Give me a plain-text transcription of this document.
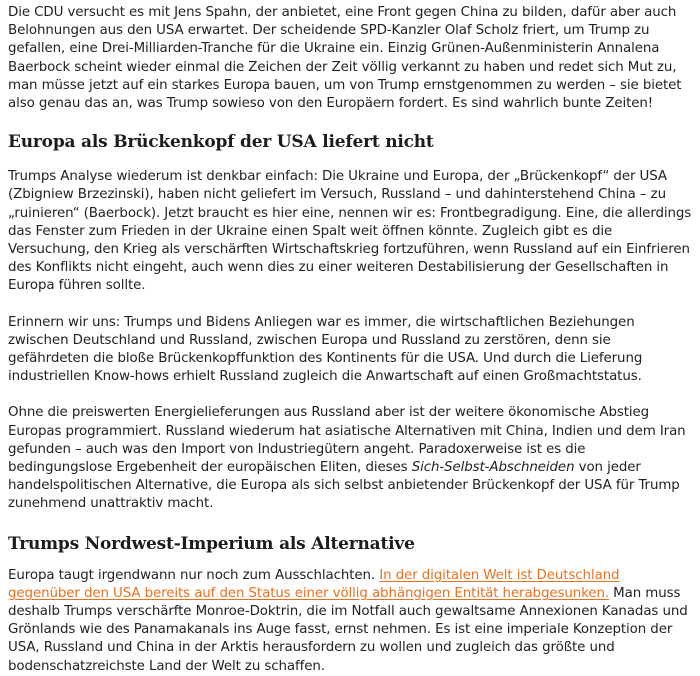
Die CDU versucht es mit Jens Spahn, der anbietet, eine Front gegen China zu bilden, dafür aber auch Belohnungen aus den USA erwartet. Der scheidende SPD-Kanzler Olaf Scholz friert, um Trump zu gefallen, eine Drei-Milliarden-Tranche für die Ukraine ein. Einzig Grünen-Außenministerin Annalena Baerbock scheint wieder einmal die Zeichen der Zeit völlig verkannt zu haben und redet sich Mut zu, man müsse jetzt auf ein starkes Europa bauen, um von Trump ernstgenommen zu werden – sie bietet also genau das an, was Trump sowieso von den Europäern fordert. Es sind wahrlich bunte Zeiten!

Europa als Brückenkopf der USA liefert nicht

Trumps Analyse wiederum ist denkbar einfach: Die Ukraine und Europa, der „Brückenkopf“ der USA (Zbigniew Brzezinski), haben nicht geliefert im Versuch, Russland – und dahinterstehend China – zu „ruinieren“ (Baerbock). Jetzt braucht es hier eine, nennen wir es: Frontbegradigung. Eine, die allerdings das Fenster zum Frieden in der Ukraine einen Spalt weit öffnen könnte. Zugleich gibt es die Versuchung, den Krieg als verschärften Wirtschaftskrieg fortzuführen, wenn Russland auf ein Einfrieren des Konflikts nicht eingeht, auch wenn dies zu einer weiteren Destabilisierung der Gesellschaften in Europa führen sollte.

Erinnern wir uns: Trumps und Bidens Anliegen war es immer, die wirtschaftlichen Beziehungen zwischen Deutschland und Russland, zwischen Europa und Russland zu zerstören, denn sie gefährdeten die bloße Brückenkopffunktion des Kontinents für die USA. Und durch die Lieferung industriellen Know-hows erhielt Russland zugleich die Anwartschaft auf einen Großmachtstatus.

Ohne die preiswerten Energielieferungen aus Russland aber ist der weitere ökonomische Abstieg Europas programmiert. Russland wiederum hat asiatische Alternativen mit China, Indien und dem Iran gefunden – auch was den Import von Industriegütern angeht. Paradoxerweise ist es die bedingungslose Ergebenheit der europäischen Eliten, dieses Sich-Selbst-Abschneiden von jeder handelspolitischen Alternative, die Europa als sich selbst anbietender Brückenkopf der USA für Trump zunehmend unattraktiv macht.

Trumps Nordwest-Imperium als Alternative

Europa taugt irgendwann nur noch zum Ausschlachten. In der digitalen Welt ist Deutschland gegenüber den USA bereits auf den Status einer völlig abhängigen Entität herabgesunken. Man muss deshalb Trumps verschärfte Monroe-Doktrin, die im Notfall auch gewaltsame Annexionen Kanadas und Grönlands wie des Panamakanals ins Auge fasst, ernst nehmen. Es ist eine imperiale Konzeption der USA, Russland und China in der Arktis herausfordern zu wollen und zugleich das größte und bodenschatzreichste Land der Welt zu schaffen.
